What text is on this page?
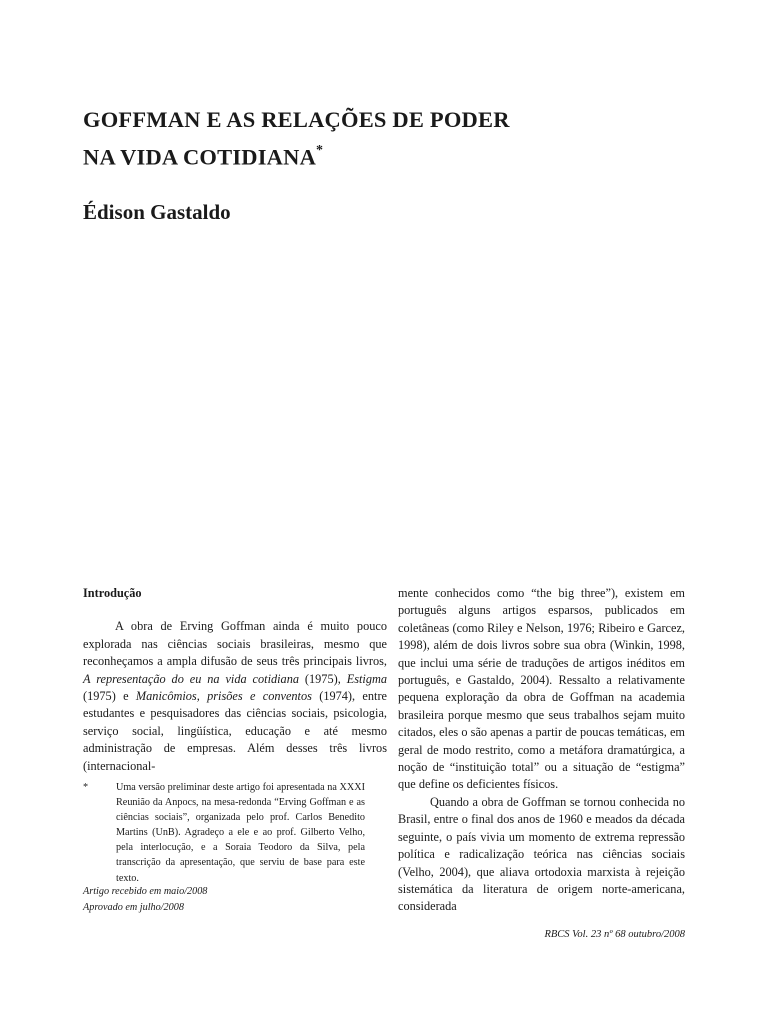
GOFFMAN E AS RELAÇÕES DE PODER
NA VIDA COTIDIANA*
Édison Gastaldo
Introdução

A obra de Erving Goffman ainda é muito pouco explorada nas ciências sociais brasileiras, mesmo que reconheçamos a ampla difusão de seus três principais livros, A representação do eu na vida cotidiana (1975), Estigma (1975) e Manicômios, prisões e conventos (1974), entre estudantes e pesquisadores das ciências sociais, psicologia, serviço social, lingüística, educação e até mesmo administração de empresas. Além desses três livros (internacional-

mente conhecidos como “the big three”), existem em português alguns artigos esparsos, publicados em coletâneas (como Riley e Nelson, 1976; Ribeiro e Garcez, 1998), além de dois livros sobre sua obra (Winkin, 1998, que inclui uma série de traduções de artigos inéditos em português, e Gastaldo, 2004). Ressalto a relativamente pequena exploração da obra de Goffman na academia brasileira porque mesmo que seus trabalhos sejam muito citados, eles o são apenas a partir de poucas temáticas, em geral de modo restrito, como a metáfora dramatúrgica, a noção de “instituição total” ou a situação de “estigma” que define os deficientes físicos.

Quando a obra de Goffman se tornou conhecida no Brasil, entre o final dos anos de 1960 e meados da década seguinte, o país vivia um momento de extrema repressão política e radicalização teórica nas ciências sociais (Velho, 2004), que aliava ortodoxia marxista à rejeição sistemática da literatura de origem norte-americana, considerada

*	Uma versão preliminar deste artigo foi apresentada na XXXI Reunião da Anpocs, na mesa-redonda “Erving Goffman e as ciências sociais”, organizada pelo prof. Carlos Benedito Martins (UnB). Agradeço a ele e ao prof. Gilberto Velho, pela interlocução, e a Soraia Teodoro da Silva, pela transcrição da apresentação, que serviu de base para este texto.
Artigo recebido em maio/2008
Aprovado em julho/2008
RBCS Vol. 23 nº 68 outubro/2008
